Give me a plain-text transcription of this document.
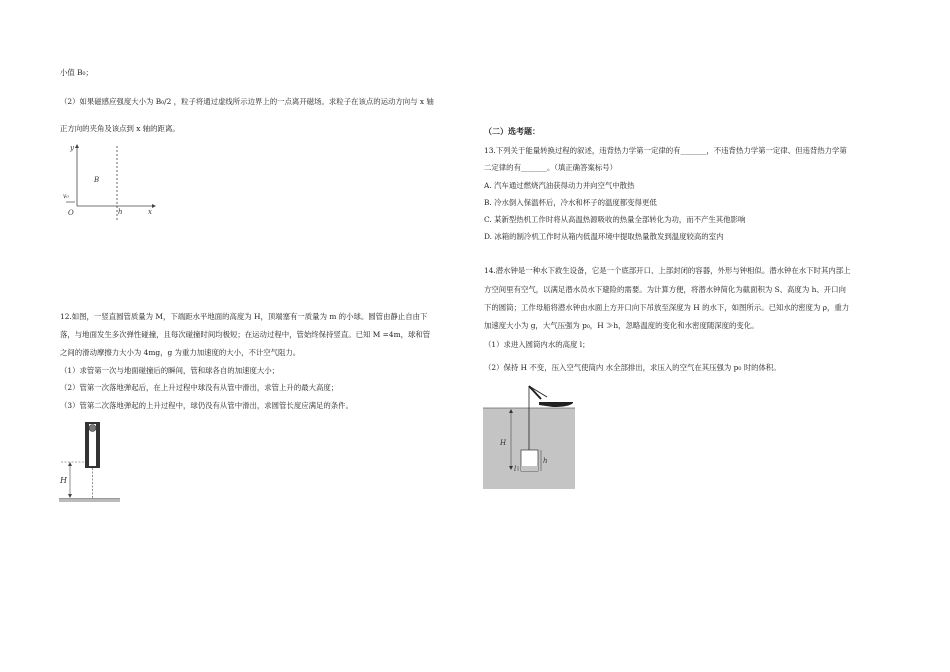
小值 B₀；
（2）如果磁感应强度大小为 B₀/2 ，粒子将通过虚线所示边界上的一点离开磁场。求粒子在该点的运动方向与 x 轴
正方向的夹角及该点到 x 轴的距离。
y
B
v₀
O	h	x
12.如图，一竖直圆管质量为 M，下端距水平地面的高度为 H，顶端塞有一质量为 m 的小球。圆管由静止自由下
落，与地面发生多次弹性碰撞，且每次碰撞时间均极短；在运动过程中，管始终保持竖直。已知 M =4m，球和管
之间的滑动摩擦力大小为 4mg，g 为重力加速度的大小，不计空气阻力。
（1）求管第一次与地面碰撞后的瞬间，管和球各自的加速度大小；
（2）管第一次落地弹起后，在上升过程中球没有从管中滑出，求管上升的最大高度；
（3）管第二次落地弹起的上升过程中，球仍没有从管中滑出，求圆管长度应满足的条件。
H
（二）选考题：
13.下列关于能量转换过程的叙述，违背热力学第一定律的有_______，不违背热力学第一定律、但违背热力学第
二定律的有_______。（填正确答案标号）
A. 汽车通过燃烧汽油获得动力并向空气中散热
B. 冷水倒入保温杯后，冷水和杯子的温度都变得更低
C. 某新型热机工作时将从高温热源吸收的热量全部转化为功，而不产生其他影响
D. 冰箱的制冷机工作时从箱内低温环境中提取热量散发到温度较高的室内
14.潜水钟是一种水下救生设备，它是一个底部开口、上部封闭的容器，外形与钟相似。潜水钟在水下时其内部上
方空间里有空气，以满足潜水员水下避险的需要。为计算方便，将潜水钟简化为截面积为 S、高度为 h、开口向
下的圆筒；工作母船将潜水钟由水面上方开口向下吊放至深度为 H 的水下，如图所示。已知水的密度为 ρ，重力
加速度大小为 g，大气压强为 p₀，H ≫h，忽略温度的变化和水密度随深度的变化。
（1）求进入圆筒内水的高度 l；
（2）保持 H 不变，压入空气使筒内 水全部排出，求压入的空气在其压强为 p₀ 时的体积。
H
h
l
